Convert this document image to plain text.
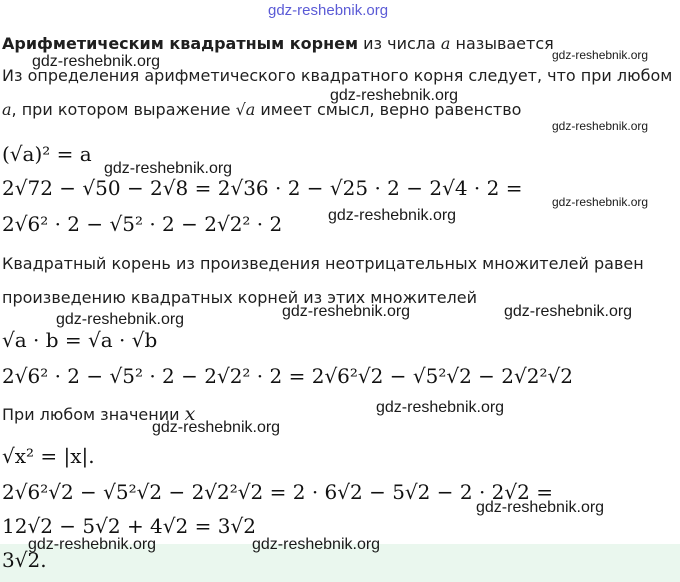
gdz-reshebnik.org
Арифметическим квадратным корнем из числа a называется
Из определения арифметического квадратного корня следует, что при любом
a, при котором выражение √a имеет смысл, верно равенство
(√a)² = a
2√72 − √50 − 2√8 = 2√36 · 2 − √25 · 2 − 2√4 · 2 =
2√6² · 2 − √5² · 2 − 2√2² · 2
Квадратный корень из произведения неотрицательных множителей равен
произведению квадратных корней из этих множителей
√a · b = √a · √b
2√6² · 2 − √5² · 2 − 2√2² · 2 = 2√6²√2 − √5²√2 − 2√2²√2
При любом значении x
√x² = |x|.
2√6²√2 − √5²√2 − 2√2²√2 = 2 · 6√2 − 5√2 − 2 · 2√2 =
12√2 − 5√2 + 4√2 = 3√2
3√2.
gdz-reshebnik.org	gdz-reshebnik.org
gdz-reshebnik.org
gdz-reshebnik.org
gdz-reshebnik.org
gdz-reshebnik.org
gdz-reshebnik.org
gdz-reshebnik.org	gdz-reshebnik.org	gdz-reshebnik.org
gdz-reshebnik.org
gdz-reshebnik.org
gdz-reshebnik.org
gdz-reshebnik.org	gdz-reshebnik.org
